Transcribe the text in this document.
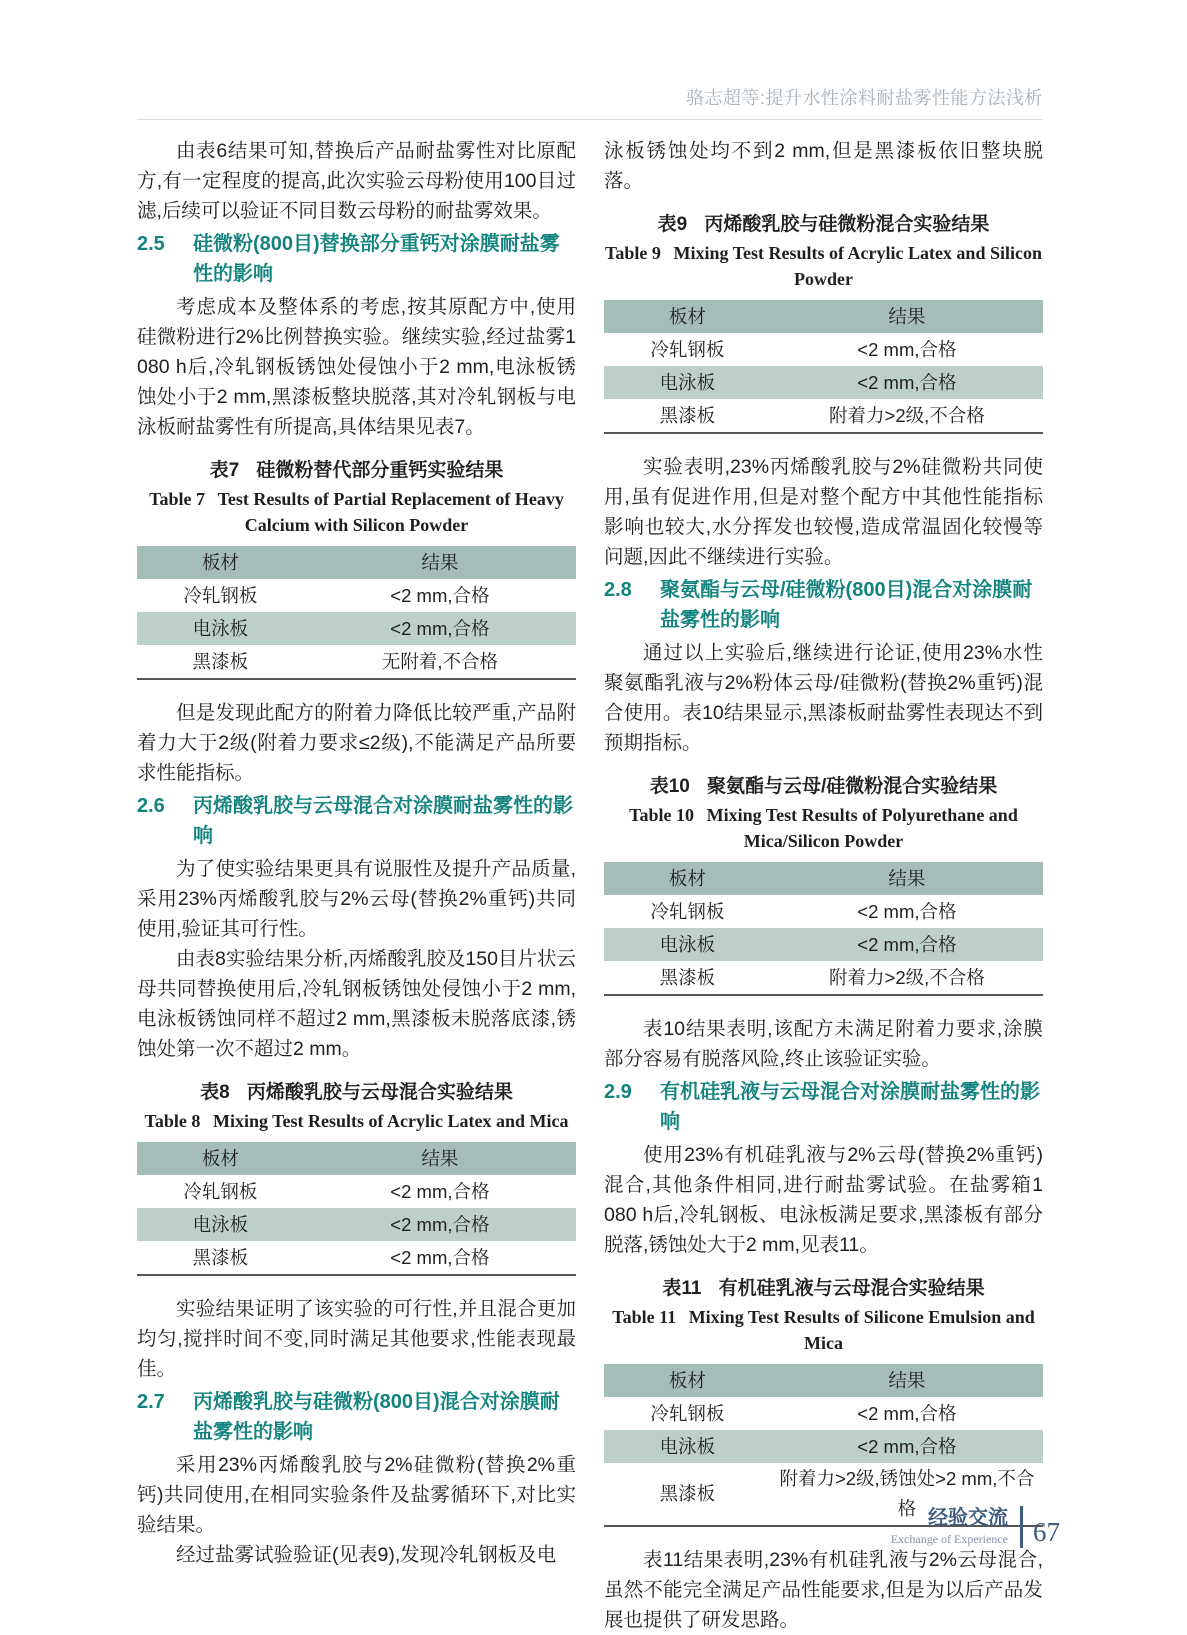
骆志超等:提升水性涂料耐盐雾性能方法浅析

由表6结果可知,替换后产品耐盐雾性对比原配方,有一定程度的提高,此次实验云母粉使用100目过滤,后续可以验证不同目数云母粉的耐盐雾效果。

2.5	硅微粉(800目)替换部分重钙对涂膜耐盐雾性的影响

考虑成本及整体系的考虑,按其原配方中,使用硅微粉进行2%比例替换实验。继续实验,经过盐雾1 080 h后,冷轧钢板锈蚀处侵蚀小于2 mm,电泳板锈蚀处小于2 mm,黑漆板整块脱落,其对冷轧钢板与电泳板耐盐雾性有所提高,具体结果见表7。

表7 硅微粉替代部分重钙实验结果
Table 7 Test Results of Partial Replacement of Heavy Calcium with Silicon Powder
板材	结果
冷轧钢板	<2 mm,合格
电泳板	<2 mm,合格
黑漆板	无附着,不合格

但是发现此配方的附着力降低比较严重,产品附着力大于2级(附着力要求≤2级),不能满足产品所要求性能指标。

2.6	丙烯酸乳胶与云母混合对涂膜耐盐雾性的影响

为了使实验结果更具有说服性及提升产品质量,采用23%丙烯酸乳胶与2%云母(替换2%重钙)共同使用,验证其可行性。

由表8实验结果分析,丙烯酸乳胶及150目片状云母共同替换使用后,冷轧钢板锈蚀处侵蚀小于2 mm,电泳板锈蚀同样不超过2 mm,黑漆板未脱落底漆,锈蚀处第一次不超过2 mm。

表8 丙烯酸乳胶与云母混合实验结果
Table 8 Mixing Test Results of Acrylic Latex and Mica
板材	结果
冷轧钢板	<2 mm,合格
电泳板	<2 mm,合格
黑漆板	<2 mm,合格

实验结果证明了该实验的可行性,并且混合更加均匀,搅拌时间不变,同时满足其他要求,性能表现最佳。

2.7	丙烯酸乳胶与硅微粉(800目)混合对涂膜耐盐雾性的影响

采用23%丙烯酸乳胶与2%硅微粉(替换2%重钙)共同使用,在相同实验条件及盐雾循环下,对比实验结果。

经过盐雾试验验证(见表9),发现冷轧钢板及电

泳板锈蚀处均不到2 mm,但是黑漆板依旧整块脱落。

表9 丙烯酸乳胶与硅微粉混合实验结果
Table 9 Mixing Test Results of Acrylic Latex and Silicon Powder
板材	结果
冷轧钢板	<2 mm,合格
电泳板	<2 mm,合格
黑漆板	附着力>2级,不合格

实验表明,23%丙烯酸乳胶与2%硅微粉共同使用,虽有促进作用,但是对整个配方中其他性能指标影响也较大,水分挥发也较慢,造成常温固化较慢等问题,因此不继续进行实验。

2.8	聚氨酯与云母/硅微粉(800目)混合对涂膜耐盐雾性的影响

通过以上实验后,继续进行论证,使用23%水性聚氨酯乳液与2%粉体云母/硅微粉(替换2%重钙)混合使用。表10结果显示,黑漆板耐盐雾性表现达不到预期指标。

表10 聚氨酯与云母/硅微粉混合实验结果
Table 10 Mixing Test Results of Polyurethane and Mica/Silicon Powder
板材	结果
冷轧钢板	<2 mm,合格
电泳板	<2 mm,合格
黑漆板	附着力>2级,不合格

表10结果表明,该配方未满足附着力要求,涂膜部分容易有脱落风险,终止该验证实验。

2.9	有机硅乳液与云母混合对涂膜耐盐雾性的影响

使用23%有机硅乳液与2%云母(替换2%重钙)混合,其他条件相同,进行耐盐雾试验。在盐雾箱1 080 h后,冷轧钢板、电泳板满足要求,黑漆板有部分脱落,锈蚀处大于2 mm,见表11。

表11 有机硅乳液与云母混合实验结果
Table 11 Mixing Test Results of Silicone Emulsion and Mica
板材	结果
冷轧钢板	<2 mm,合格
电泳板	<2 mm,合格
黑漆板	附着力>2级,锈蚀处>2 mm,不合格

表11结果表明,23%有机硅乳液与2%云母混合,虽然不能完全满足产品性能要求,但是为以后产品发展也提供了研发思路。

经验交流
Exchange of Experience 67
